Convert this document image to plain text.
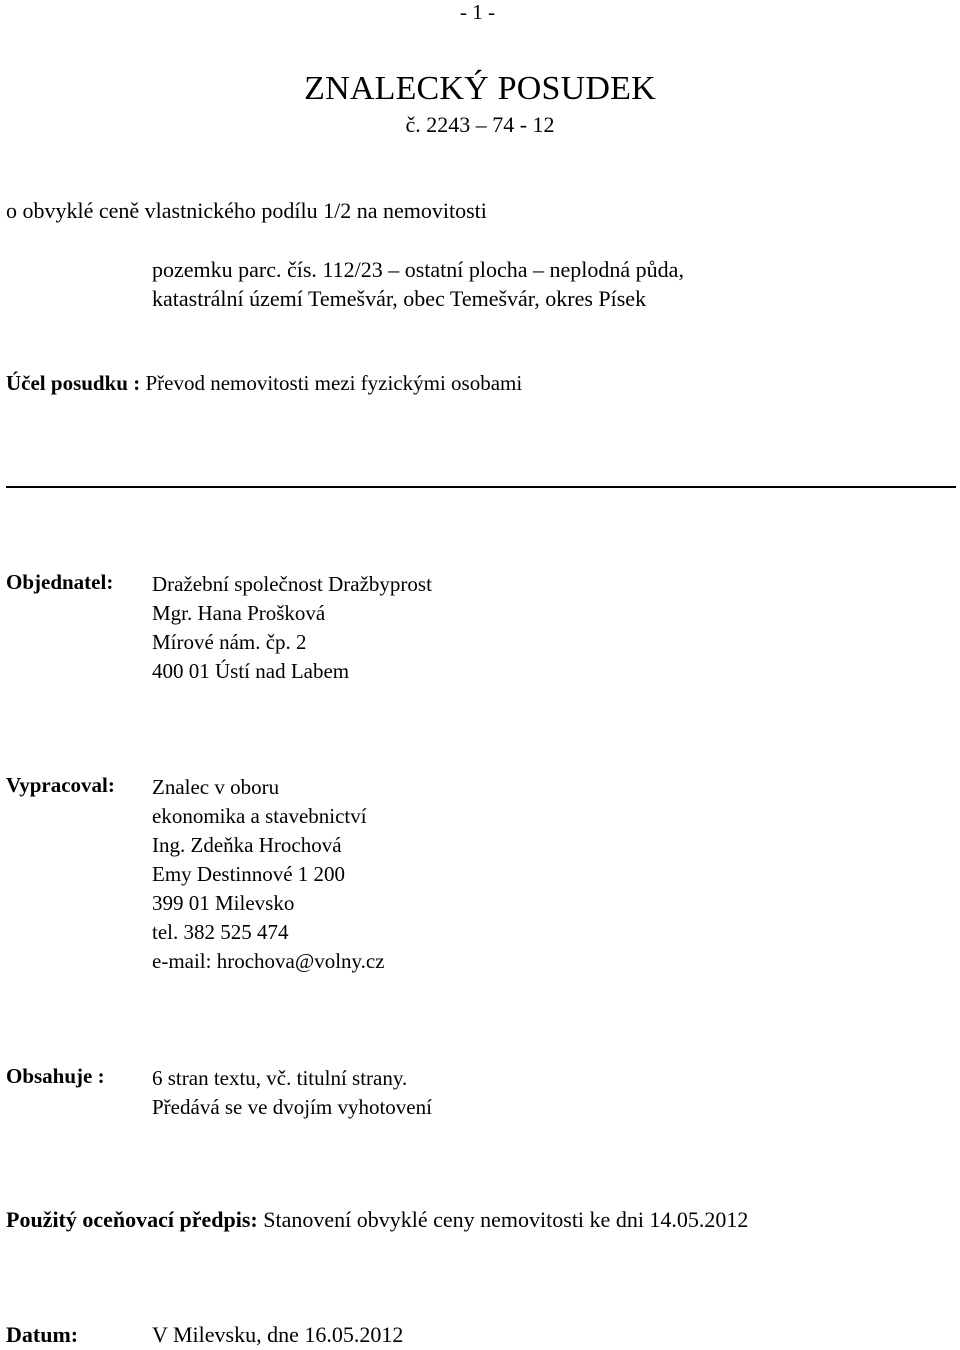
- 1 -
ZNALECKÝ POSUDEK
č. 2243 – 74 - 12
o obvyklé ceně vlastnického podílu 1/2 na nemovitosti
pozemku parc. čís. 112/23 – ostatní plocha – neplodná půda,
katastrální území Temešvár, obec Temešvár, okres Písek
Účel posudku : Převod nemovitosti mezi fyzickými osobami
Objednatel: Dražební společnost Dražbyprost
Mgr. Hana Prošková
Mírové nám. čp. 2
400 01 Ústí nad Labem
Vypracoval: Znalec v oboru
ekonomika a stavebnictví
Ing. Zdeňka Hrochová
Emy Destinnové 1 200
399 01 Milevsko
tel. 382 525 474
e-mail: hrochova@volny.cz
Obsahuje : 6 stran textu, vč. titulní strany.
Předává se ve dvojím vyhotovení
Použitý oceňovací předpis: Stanovení obvyklé ceny nemovitosti ke dni 14.05.2012
Datum:	V Milevsku, dne 16.05.2012
